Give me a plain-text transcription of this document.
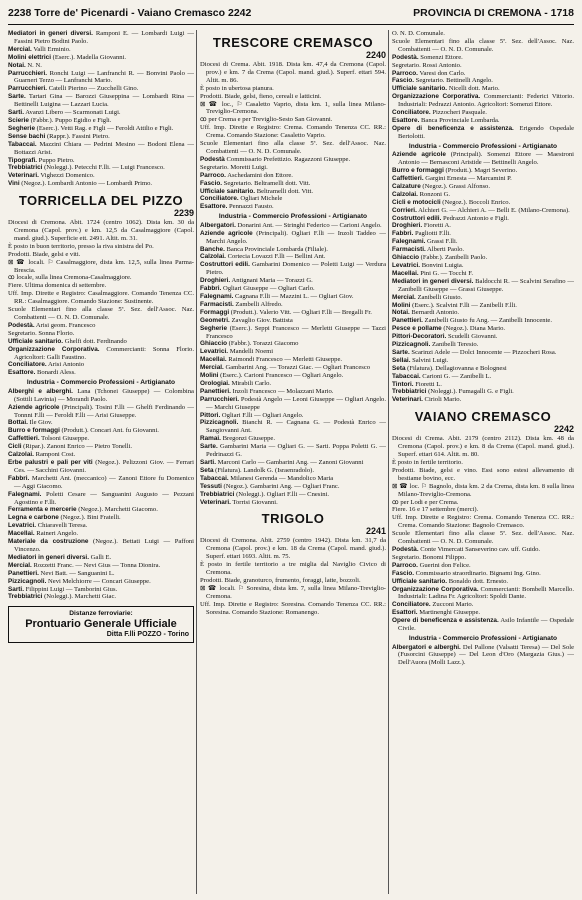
2238 Torre de' Picenardi - Vaiano Cremasco 2242	PROVINCIA DI CREMONA - 1718

Mediatori in generi diversi. Ramponi E. — Lombardi Luigi — Fassini Pietro Bodini Paolo.

Mercial. Valli Erminio.

Molini elettrici (Eserc.). Madella Giovanni.

Notai. N. N.

Parrucchieri. Ronchi Luigi — Lanfranchi R. — Bonvini Paolo — Guarneri Terzo — Lanfranchi Mario.

Parrucchieri. Catelli Pierino — Zucchelli Gino.

Sarte. Tartari Gina — Barozzi Giuseppina — Lombardi Rina — Bettinelli Luigina — Lazzari Lucia.

Sarti. Avanzi Libero — Scarmonati Luigi.

Scierie (Fabbr.). Puppo Egidio e Figli.

Segherie (Eserc.). Vetti Rag. e Figli — Feroldi Attilio e Figli.

Sense bachi (Rappr.). Fassini Pietro.

Tabaccai. Mazzini Chiara — Pedrini Mesino — Bodoni Elena — Bottazzi Arist.

Tipografi. Puppo Pietro.

Trebbiatrici (Noleggi.). Petecchi F.lli. — Luigi Francesco.

Veterinari. Vighezzi Domenico.

Vini (Negoz.). Lombardi Antonio — Lombardi Primo.

TORRICELLA DEL PIZZO
2239

Diocesi di Cremona. Abit. 1724 (centro 1062). Dista km. 30 da Cremona (Capol. prov.) e km. 12,5 da Casalmaggiore (Capol. mand. giud.). Superficie ett. 2491. Altit. m. 31.

È posto in buon territorio, presso la riva sinistra del Po.

Prodotti. Biade, gelsi e viti.

⊠ ☎ locali. ⚐ Casalmaggiore, dista km. 12,5, sulla linea Parma-Brescia.

ꝏ locale, sulla linea Cremona-Casalmaggiore.

Fiere. Ultima domenica di settembre.

Uff. Imp. Dirette e Registro: Casalmaggiore. Comando Tenenza CC. RR.: Casalmaggiore. Comando Stazione: Sustinente.

Scuole Elementari fino alla classe 5ª. Sez. dell'Assoc. Naz. Combattenti — O. N. D. Comunale.

Podestà. Arisi geom. Francesco

Segretario. Sonna Florio.

Ufficiale sanitario. Ghelfi dott. Ferdinando

Organizzazione Corporativa. Commercianti: Sonna Florio. Agricoltori: Galli Faustino.

Conciliatore. Arisi Antonio

Esattore. Bonardi Aless.

Industria - Commercio Professioni - Artigianato

Alberghi e alberghi. Lana (Tchonei Giuseppe) — Colombina (Sottili Lavinia) — Morandi Paolo.

Aziende agricole (Principali). Tosini F.lli — Ghelfi Ferdinando — Tonnni F.lli — Feroldi F.lli — Arisi Giuseppe.

Bottai. Ile Giov.

Burro e formaggi (Produtt.). Concari Ant. fu Giovanni.

Caffettieri. Tolsoni Giuseppe.

Cicli (Ripar.). Zanoni Enrico — Pietro Tonelli.

Calzolai. Ramponi Cost.

Erbe palustri e pali per viti (Negoz.). Pelizzoni Giov. — Ferrari Ces. — Sacchini Giovanni.

Fabbri. Marchetti Ant. (meccanico) — Zanoni Ettore fu Domenico — Aggi Giacomo.

Falegnami. Poletti Cesare — Sanguanini Augusto — Pezzani Agostino e F.lli.

Ferramenta e mercerie (Negoz.). Marchetti Giacomo.

Legna e carbone (Negoz.). Bini Fratelli.

Levatrici. Chiaravelli Teresa.

Macellai. Raineri Angelo.

Materiale da costruzione (Negoz.). Bettati Luigi — Paffoni Vincenzo.

Mediatori in generi diversi. Galli E.

Mercial. Rozzetti Franc. — Nevi Gius — Tonna Dionira.

Panettieri. Nevi Batt. — Sanguanini L.

Pizzicagnoli. Nevi Melchiorre — Concari Giuseppe.

Sarti. Filippini Luigi — Tamborini Gius.

Trebbiatrici (Noleggi.). Marchetti Giac.

Distanze ferroviarie:
Prontuario Generale Ufficiale
Ditta F.lli POZZO - Torino
TRESCORE CREMASCO
2240

Diocesi di Crema. Abit. 1918. Dista km. 47,4 da Cremona (Capol. prov.) e km. 7 da Crema (Capol. mand. giud.). Superf. ettari 594. Altit. m. 86.

È posto in ubertosa pianura.

Prodotti. Biade, gelsi, fieno, cereali e latticini.

⊠ ☎ loc., ⚐ Casaletto Vaprio, dista km. 1, sulla linea Milano-Treviglio-Cremona.

ꝏ per Crema e per Treviglio-Sesto San Giovanni.

Uff. Imp. Dirette e Registro: Crema. Comando Tenenza CC. RR.: Crema. Comando Stazione: Casaletto Vaprio.

Scuole Elementari fino alla classe 5ª. Sez. dell'Assoc. Naz. Combattenti — O. N. D. Comunale.

Podestà Commissario Prefettizio. Ragazzoni Giuseppe.

Segretario. Moretti Luigi.

Parroco. Aschedamini don Ettore.

Fascio. Segretario. Beltramelli dott. Vitt.

Ufficiale sanitario. Beltramelli dott. Vitt.

Conciliatore. Ogliari Michele

Esattore. Pennazzi Fausto.

Industria - Commercio Professioni - Artigianato

Albergatori. Donarini Ant. — Stringhi Federico — Carioni Angelo.

Aziende agricole (Principali). Ogliari F.lli — Inzoli Taddeo — Marchi Angelo.

Banche. Banca Provinciale Lombarda (Filiale).

Calzolai. Cortecia Lovazzi F.lli — Bellini Ant.

Costruttori edili. Gambarini Domenico — Poletti Luigi — Verdura Pietro.

Droghieri. Antignani Maria — Torazzi G.

Fabbri. Ogliari Giuseppe — Ogliari Carlo.

Falegnami. Cagnana F.lli — Mazzini L. — Ogliari Giov.

Farmacisti. Zambelli Alfredo.

Formaggi (Produtt.). Valerio Vitt. — Ogliari F.lli — Bregalli Fr.

Geometri. Zavaglio Giov. Battista

Segherie (Eserc.). Seppi Francesco — Merletti Giuseppe — Tazzi Francesco

Ghiaccio (Fabbr.). Torazzi Giacomo

Levatrici. Mandelli Noemi

Macellai. Raimondi Francesco — Merletti Giuseppe.

Mercial. Gambarini Ang. — Torazzi Giac. — Ogliari Francesco

Molini (Eserc.). Carioni Francesco — Ogliari Angelo.

Orologiai. Mirabili Carlo.

Panettieri. Inzoli Francesco — Molazzani Mario.

Parrucchieri. Podestà Angelo — Leoni Giuseppe — Ogliari Angelo. — Marchi Giuseppe

Pittori. Ogliari F.lli — Ogliari Angelo.

Pizzicagnoli. Bianchi R. — Cagnana G. — Podestà Enrico — Sangiovanni Ant.

Ramai. Bregonzi Giuseppe.

Sarte. Gambarini Maria — Ogliari G. — Sarti. Poppa Poletti G. — Pedrinazzi G.

Sarti. Marconi Carlo — Gambarini Ang. — Zanoni Giovanni

Seta (Filatura). Landolk G. (Israenradolo).

Tabaccai. Milanesi Gerenda — Mandolico Maria

Tessuti (Negoz.). Gambarini Ang. — Ogliari Franc.

Trebbiatrici (Noleggi.). Ogliari F.lli — Cnesini.

Veterinari. Torrisi Giovanni.

TRIGOLO
2241

Diocesi di Cremona. Abit. 2759 (centro 1942). Dista km. 31,7 da Cremona (Capol. prov.) e km. 18 da Crema (Capol. mand. giud.). Superf. ettari 1693. Altit. m. 75.

È posto in fertile territorio a tre miglia dal Naviglio Civico di Cremona.

Prodotti. Biade, granoturco, frumento, foraggi, latte, bozzoli.

⊠ ☎ locali. ⚐ Soresina, dista km. 7, sulla linea Milano-Treviglio-Cremona.

Uff. Imp. Dirette e Registro: Soresina. Comando Tenenza CC. RR.: Soresina. Comando Stazione: Romanengo.

O. N. D. Comunale.

Scuole Elementari fino alla classe 5ª. Sez. dell'Assoc. Naz. Combattenti — O. N. D. Comunale.

Podestà. Somenzi Ettore.

Segretario. Rossi Antonio.

Parroco. Varesi don Carlo.

Fascio. Segretario. Bettinelli Angelo.

Ufficiale sanitario. Nicelli dott. Mario.

Organizzazione Corporativa. Commercianti: Federici Vittorio. Industriali: Pedrazzi Antonio. Agricoltori: Somenzi Ettore.

Conciliatore. Pizzocheri Pasquale.

Esattore. Banca Provinciale Lombarda.

Opere di beneficenza e assistenza. Erigendo Ospedale Bertolotti.

Industria - Commercio Professioni - Artigianato

Aziende agricole (Principali). Somenzi Ettore — Maestroni Antonio — Bernasconi Aristide — Bettinelli Angelo.

Burro e formaggi (Produtt.). Magri Severino.

Caffettieri. Gargini Ernesta — Marcamini P.

Calzature (Negoz.). Grassi Alfonso.

Calzolai. Ronzoni G.

Cicli e motocicli (Negoz.). Boccoli Enrico.

Corrieri. Alchieri G. — Alchieri A. — Belli E. (Milano-Cremona).

Costruttori edili. Pedrazzi Antonio e Figli.

Droghieri. Fioretti A.

Fabbri. Pagliotti F.lli.

Falegnami. Grassi F.lli.

Farmacisti. Alberti Paolo.

Ghiaccio (Fabbr.). Zanibelli Paolo.

Levatrici. Bonvini Luigia.

Macellai. Pini G. — Tocchi F.

Mediatori in generi diversi. Baldocchi R. — Scalvini Serafino — Zanibelli Giuseppe — Grassi Giuseppe.

Mercial. Zanibelli Giusto.

Molini (Eserc.). Scalvini F.lli — Zanibelli F.lli.

Notai. Bernardi Antonio.

Panettieri. Zanibelli Giusto fu Ang. — Zanibelli Innocente.

Pesce e pollame (Negoz.). Diana Mario.

Pittori-Decoratori. Scudelli Giovanni.

Pizzicagnoli. Zanibelli Teresio.

Sarte. Scarinzi Adele — Dolci Innocente — Pizzocheri Rosa.

Sellai. Salvini Luigi.

Seta (Filatura). Dellagiovanna e Bolognesi

Tabaccai. Carioni G. — Zanibelli L.

Tintori. Fioretti L.

Trebbiatrici (Noleggi.). Fumagalli G. e Figli.

Veterinari. Cirioli Mario.

VAIANO CREMASCO
2242

Diocesi di Crema. Abit. 2179 (centro 2112). Dista km. 48 da Cremona (Capol. prov.) e km. 8 da Crema (Capol. mand. giud.). Superf. ettari 614. Altit. m. 80.

È posto in fertile territorio.

Prodotti. Biade, gelsi e vino. Essi sono estesi allevamento di bestiame bovino, ecc.

⊠ ☎ loc. ⚐ Bagnolo, dista km. 2 da Crema, dista km. 8 sulla linea Milano-Treviglio-Cremona.

ꝏ per Lodi e per Crema.

Fiere. 16 e 17 settembre (merci).

Uff. Imp. Dirette e Registro: Crema. Comando Tenenza CC. RR.: Crema. Comando Stazione: Bagnolo Cremasco.

Scuole Elementari fino alla classe 5ª. Sez. dell'Assoc. Naz. Combattenti — O. N. D. Comunale.

Podestà. Conte Vimercati Sanseverino cav. uff. Guido.

Segretario. Bonomi Filippo.

Parroco. Guerini don Felice.

Fascio. Commissario straordinario. Bignami Ing. Gino.

Ufficiale sanitario. Bonaldo dott. Ernesto.

Organizzazione Corporativa. Commercianti: Bombelli Marcello. Industriali: Ladina Fr. Agricoltori: Spoldi Dante.

Conciliatore. Zucconi Mario.

Esattori. Martinenghi Giuseppe.

Opere di beneficenza e assistenza. Asilo Infantile — Ospedale Civile.

Industria - Commercio Professioni - Artigianato

Albergatori e alberghi. Del Pallone (Valsatti Teresa) — Del Sole (Fusorcini Giuseppe) — Del Leon d'Oro (Margazia Gius.) — Dell'Auora (Molli Lazz.).
